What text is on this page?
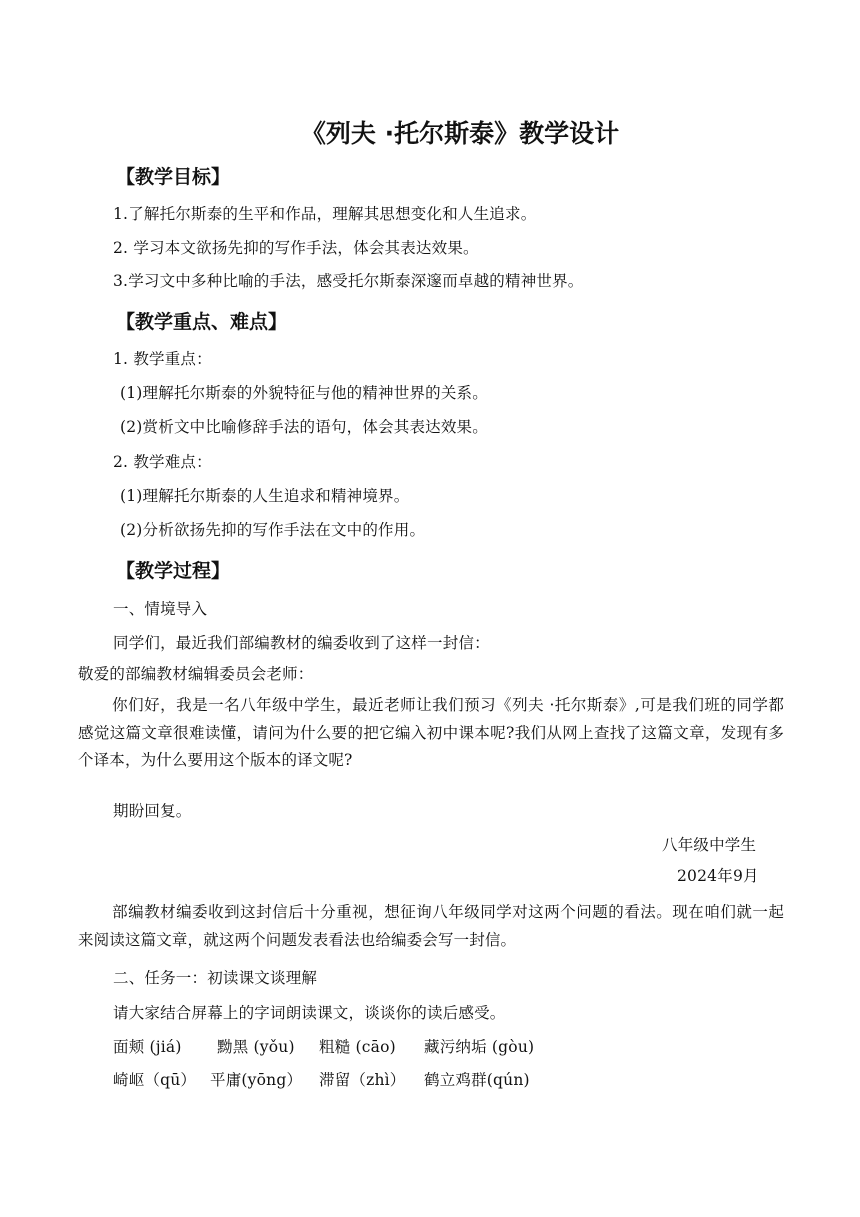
《列夫 ·托尔斯泰》教学设计
【教学目标】
1.了解托尔斯泰的生平和作品，理解其思想变化和人生追求。
2. 学习本文欲扬先抑的写作手法，体会其表达效果。
3.学习文中多种比喻的手法，感受托尔斯泰深邃而卓越的精神世界。
【教学重点、难点】
1. 教学重点：
(1)理解托尔斯泰的外貌特征与他的精神世界的关系。
(2)赏析文中比喻修辞手法的语句，体会其表达效果。
2. 教学难点：
(1)理解托尔斯泰的人生追求和精神境界。
(2)分析欲扬先抑的写作手法在文中的作用。
【教学过程】
一、情境导入
同学们，最近我们部编教材的编委收到了这样一封信：
敬爱的部编教材编辑委员会老师：
你们好，我是一名八年级中学生，最近老师让我们预习《列夫 ·托尔斯泰》,可是我们班的同学都感觉这篇文章很难读懂，请问为什么要的把它编入初中课本呢?我们从网上查找了这篇文章，发现有多个译本，为什么要用这个版本的译文呢?
期盼回复。
八年级中学生
2024年9月
部编教材编委收到这封信后十分重视，想征询八年级同学对这两个问题的看法。现在咱们就一起来阅读这篇文章，就这两个问题发表看法也给编委会写一封信。
二、任务一：初读课文谈理解
请大家结合屏幕上的字词朗读课文，谈谈你的读后感受。
面颊 (jiá) 黝黑 (yǒu) 粗糙 (cāo) 藏污纳垢 (gòu)
崎岖（qū） 平庸(yōng） 滞留（zhì） 鹤立鸡群(qún)
